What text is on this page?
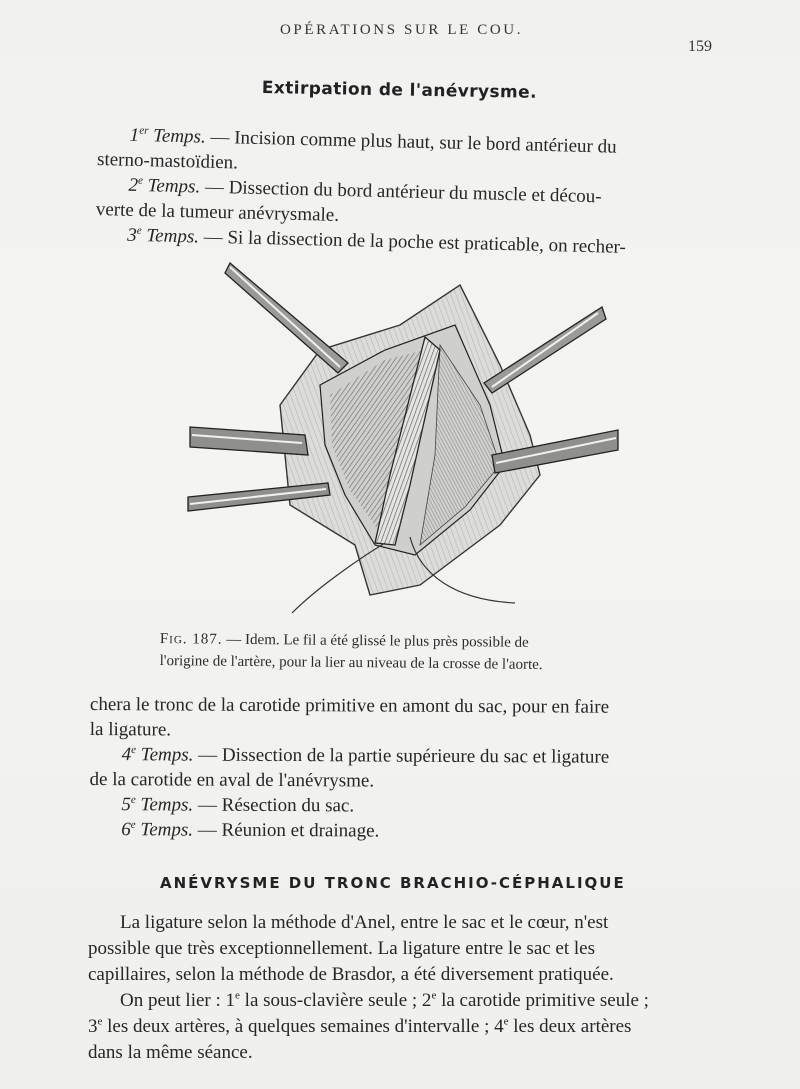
OPÉRATIONS SUR LE COU.
159
Extirpation de l'anévrysme.
1er Temps. — Incision comme plus haut, sur le bord antérieur du
sterno-mastoïdien.
2e Temps. — Dissection du bord antérieur du muscle et décou-
verte de la tumeur anévrysmale.
3e Temps. — Si la dissection de la poche est praticable, on recher-
Fig. 187. — Idem. Le fil a été glissé le plus près possible de
l'origine de l'artère, pour la lier au niveau de la crosse de l'aorte.
chera le tronc de la carotide primitive en amont du sac, pour en faire
la ligature.
4e Temps. — Dissection de la partie supérieure du sac et ligature
de la carotide en aval de l'anévrysme.
5e Temps. — Résection du sac.
6e Temps. — Réunion et drainage.
ANÉVRYSME DU TRONC BRACHIO-CÉPHALIQUE
La ligature selon la méthode d'Anel, entre le sac et le cœur, n'est
possible que très exceptionnellement. La ligature entre le sac et les
capillaires, selon la méthode de Brasdor, a été diversement pratiquée.
On peut lier : 1e la sous-clavière seule ; 2e la carotide primitive seule ;
3e les deux artères, à quelques semaines d'intervalle ; 4e les deux artères
dans la même séance.
